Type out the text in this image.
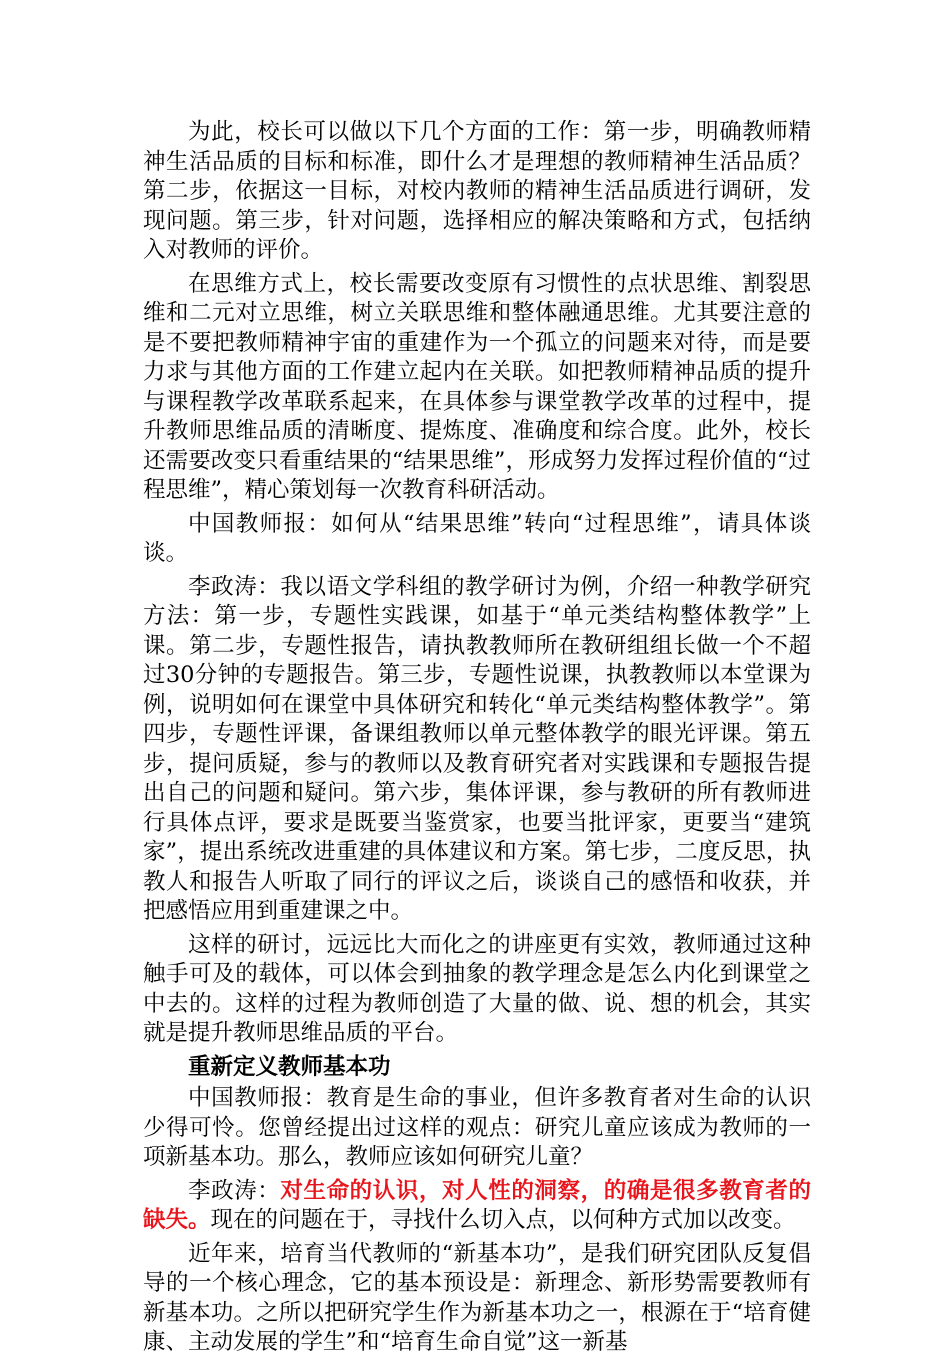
为此，校长可以做以下几个方面的工作：第一步，明确教师精神生活品质的目标和标准，即什么才是理想的教师精神生活品质？第二步，依据这一目标，对校内教师的精神生活品质进行调研，发现问题。第三步，针对问题，选择相应的解决策略和方式，包括纳入对教师的评价。

在思维方式上，校长需要改变原有习惯性的点状思维、割裂思维和二元对立思维，树立关联思维和整体融通思维。尤其要注意的是不要把教师精神宇宙的重建作为一个孤立的问题来对待，而是要力求与其他方面的工作建立起内在关联。如把教师精神品质的提升与课程教学改革联系起来，在具体参与课堂教学改革的过程中，提升教师思维品质的清晰度、提炼度、准确度和综合度。此外，校长还需要改变只看重结果的“结果思维”，形成努力发挥过程价值的“过程思维”，精心策划每一次教育科研活动。

中国教师报：如何从“结果思维”转向“过程思维”，请具体谈谈。

李政涛：我以语文学科组的教学研讨为例，介绍一种教学研究方法：第一步，专题性实践课，如基于“单元类结构整体教学”上课。第二步，专题性报告，请执教教师所在教研组组长做一个不超过30分钟的专题报告。第三步，专题性说课，执教教师以本堂课为例，说明如何在课堂中具体研究和转化“单元类结构整体教学”。第四步，专题性评课，备课组教师以单元整体教学的眼光评课。第五步，提问质疑，参与的教师以及教育研究者对实践课和专题报告提出自己的问题和疑问。第六步，集体评课，参与教研的所有教师进行具体点评，要求是既要当鉴赏家，也要当批评家，更要当“建筑家”，提出系统改进重建的具体建议和方案。第七步，二度反思，执教人和报告人听取了同行的评议之后，谈谈自己的感悟和收获，并把感悟应用到重建课之中。

这样的研讨，远远比大而化之的讲座更有实效，教师通过这种触手可及的载体，可以体会到抽象的教学理念是怎么内化到课堂之中去的。这样的过程为教师创造了大量的做、说、想的机会，其实就是提升教师思维品质的平台。

重新定义教师基本功

中国教师报：教育是生命的事业，但许多教育者对生命的认识少得可怜。您曾经提出过这样的观点：研究儿童应该成为教师的一项新基本功。那么，教师应该如何研究儿童？

李政涛：对生命的认识，对人性的洞察，的确是很多教育者的缺失。现在的问题在于，寻找什么切入点，以何种方式加以改变。

近年来，培育当代教师的“新基本功”，是我们研究团队反复倡导的一个核心理念，它的基本预设是：新理念、新形势需要教师有新基本功。之所以把研究学生作为新基本功之一，根源在于“培育健康、主动发展的学生”和“培育生命自觉”这一新基
